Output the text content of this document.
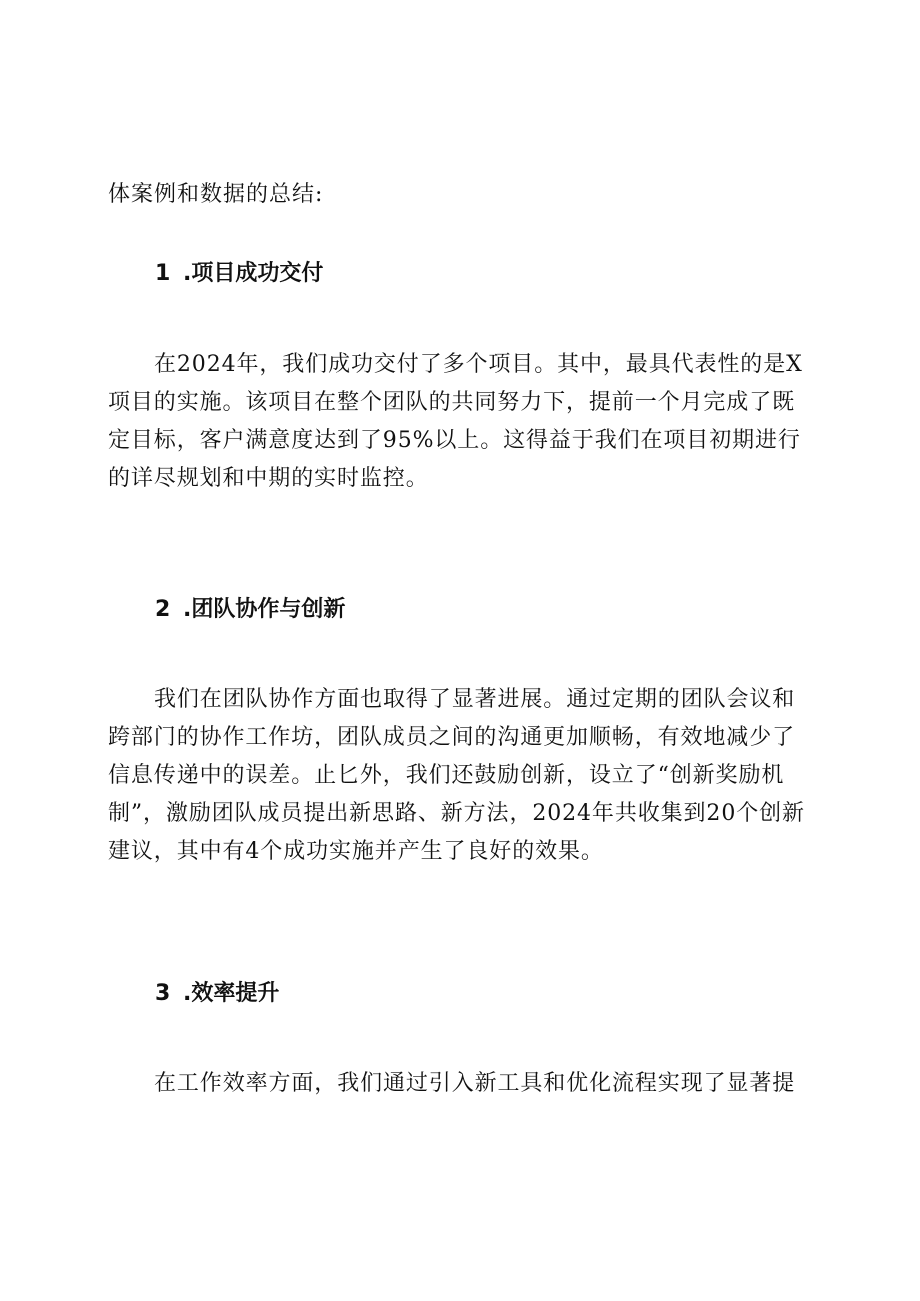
体案例和数据的总结:

1 .项目成功交付

在2024年，我们成功交付了多个项目。其中，最具代表性的是X
项目的实施。该项目在整个团队的共同努力下，提前一个月完成了既
定目标，客户满意度达到了95%以上。这得益于我们在项目初期进行
的详尽规划和中期的实时监控。

2 .团队协作与创新

我们在团队协作方面也取得了显著进展。通过定期的团队会议和
跨部门的协作工作坊，团队成员之间的沟通更加顺畅，有效地减少了
信息传递中的误差。止匕外，我们还鼓励创新，设立了“创新奖励机
制”，激励团队成员提出新思路、新方法，2024年共收集到20个创新
建议，其中有4个成功实施并产生了良好的效果。

3 .效率提升

在工作效率方面，我们通过引入新工具和优化流程实现了显著提
